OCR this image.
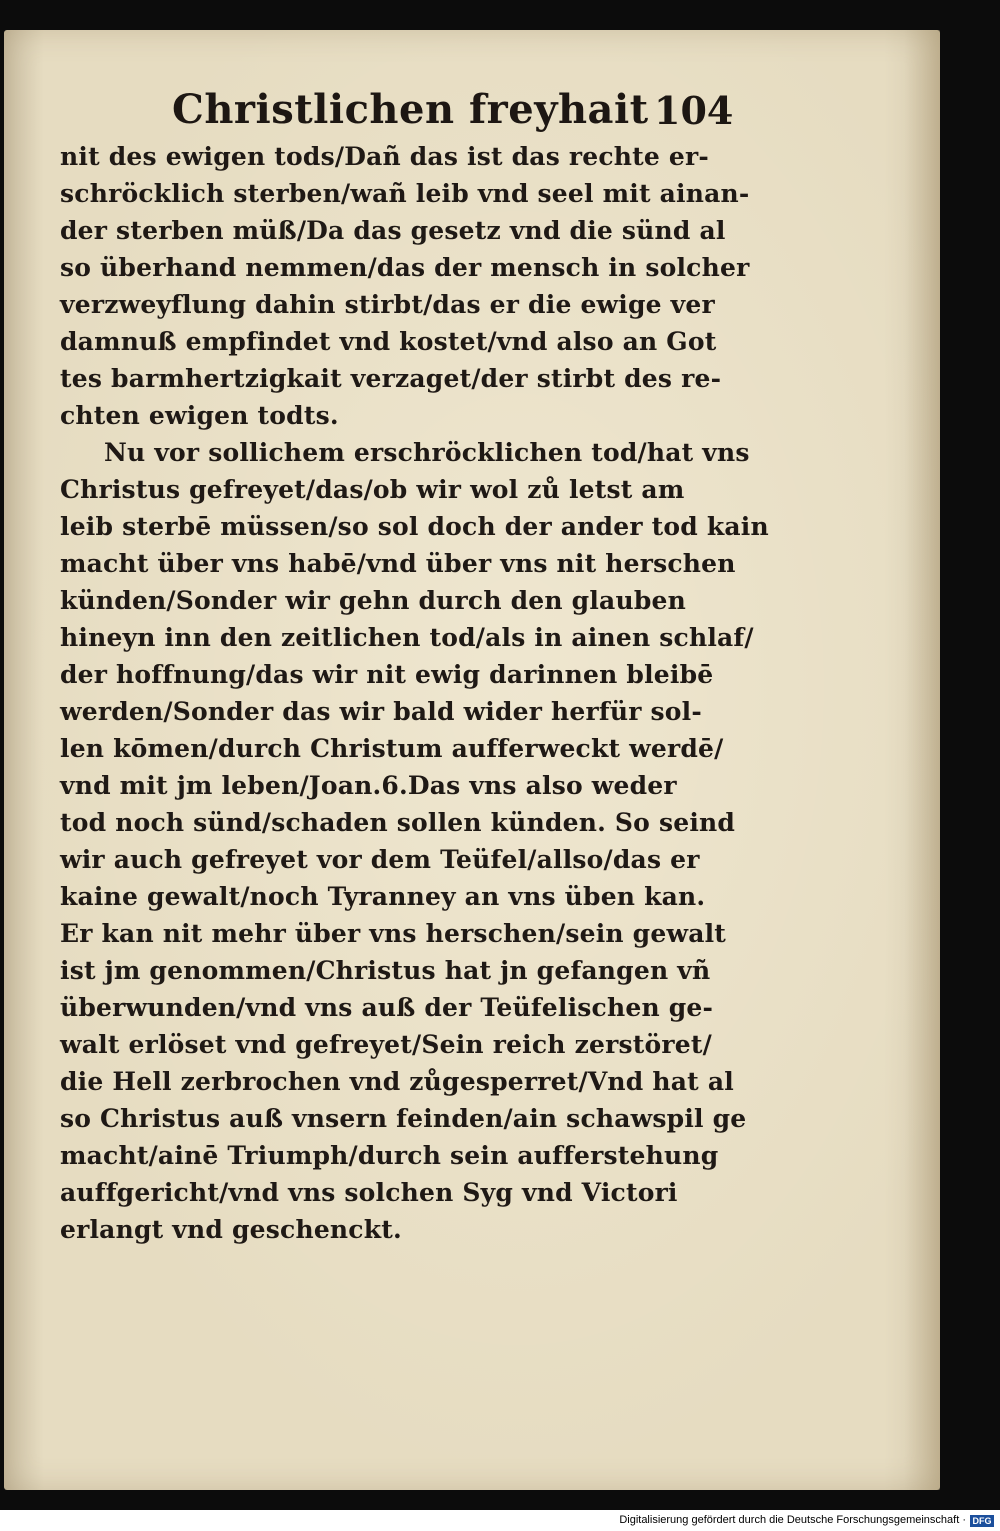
Christlichen freyhait 104
nit des ewigen tods/Dañ das ist das rechte er-
schröcklich sterben/wañ leib vnd seel mit ainan-
der sterben müß/Da das gesetz vnd die sünd al
so überhand nemmen/das der mensch in solcher
verzweyflung dahin stirbt/das er die ewige ver
damnuß empfindet vnd kostet/vnd also an Got
tes barmhertzigkait verzaget/der stirbt des re-
chten ewigen todts.
Nu vor sollichem erschröcklichen tod/hat vns
Christus gefreyet/das/ob wir wol zů letst am
leib sterbē müssen/so sol doch der ander tod kain
macht über vns habē/vnd über vns nit herschen
künden/Sonder wir gehn durch den glauben
hineyn inn den zeitlichen tod/als in ainen schlaf/
der hoffnung/das wir nit ewig darinnen bleibē
werden/Sonder das wir bald wider herfür sol-
len kōmen/durch Christum aufferweckt werdē/
vnd mit jm leben/Joan.6.Das vns also weder
tod noch sünd/schaden sollen künden. So seind
wir auch gefreyet vor dem Teüfel/allso/das er
kaine gewalt/noch Tyranney an vns üben kan.
Er kan nit mehr über vns herschen/sein gewalt
ist jm genommen/Christus hat jn gefangen vñ
überwunden/vnd vns auß der Teüfelischen ge-
walt erlöset vnd gefreyet/Sein reich zerstöret/
die Hell zerbrochen vnd zůgesperret/Vnd hat al
so Christus auß vnsern feinden/ain schawspil ge
macht/ainē Triumph/durch sein aufferstehung
auffgericht/vnd vns solchen Syg vnd Victori
erlangt vnd geschenckt.
Digitalisierung gefördert durch die Deutsche Forschungsgemeinschaft · DFG
